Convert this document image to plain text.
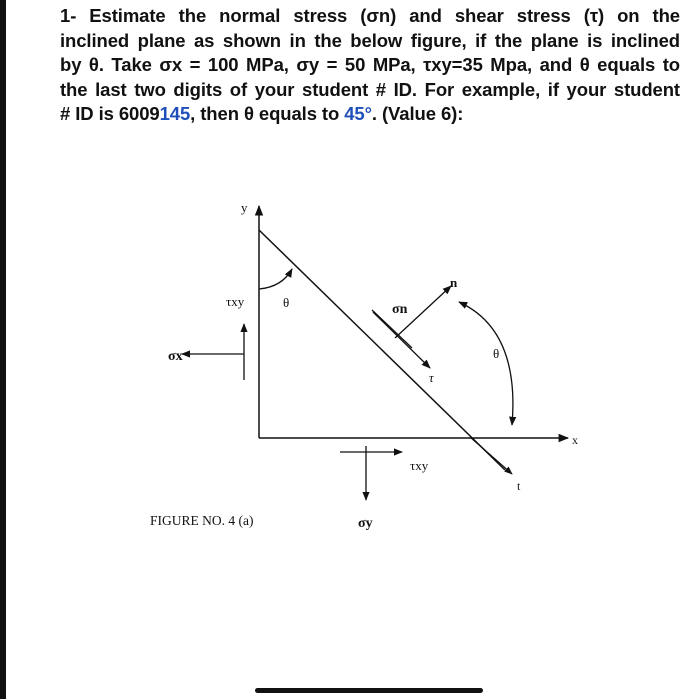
1- Estimate the normal stress (σn) and shear stress (τ) on the
inclined plane as shown in the below figure, if the plane is inclined
by θ. Take σx = 100 MPa, σy = 50 MPa, τxy=35 Mpa, and θ equals to
the last two digits of your student # ID. For example, if your student
# ID is 6009145, then θ equals to 45°. (Value 6):
y
x
τxy	θ	σn
n
θ
σx
τ
τxy
t
σy
FIGURE NO. 4 (a)
